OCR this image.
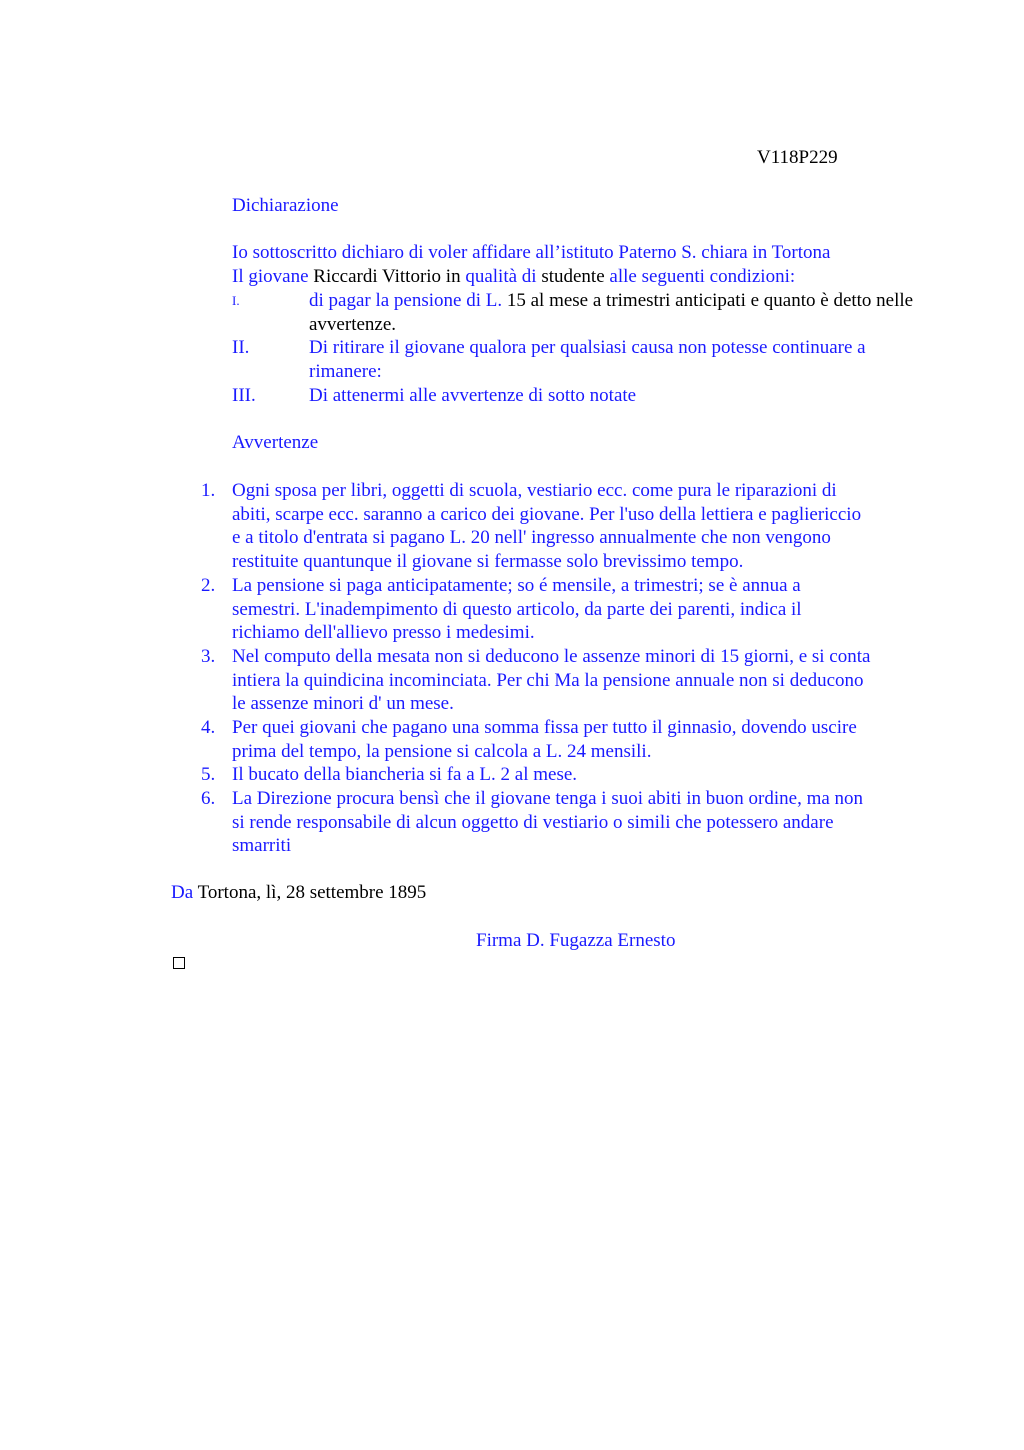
V118P229

Dichiarazione

Io sottoscritto dichiaro di voler affidare all’istituto Paterno S. chiara in Tortona

Il giovane Riccardi Vittorio in qualità di studente alle seguenti condizioni:

I.	di pagar la pensione di L. 15 al mese a trimestri anticipati e quanto è detto nelle avvertenze.
II.	Di ritirare il giovane qualora per qualsiasi causa non potesse continuare a rimanere:
III.	Di attenermi alle avvertenze di sotto notate

Avvertenze

1. Ogni sposa per libri, oggetti di scuola, vestiario ecc. come pura le riparazioni di
abiti, scarpe ecc. saranno a carico dei giovane. Per l'uso della lettiera e pagliericcio
e a titolo d'entrata si pagano L. 20 nell' ingresso annualmente che non vengono
restituite quantunque il giovane si fermasse solo brevissimo tempo.
2. La pensione si paga anticipatamente; so é mensile, a trimestri; se è annua a
semestri. L'inadempimento di questo articolo, da parte dei parenti, indica il
richiamo dell'allievo presso i medesimi.
3. Nel computo della mesata non si deducono le assenze minori di 15 giorni, e si conta
intiera la quindicina incominciata. Per chi Ma la pensione annuale non si deducono
le assenze minori d' un mese.
4. Per quei giovani che pagano una somma fissa per tutto il ginnasio, dovendo uscire
prima del tempo, la pensione si calcola a L. 24 mensili.
5. Il bucato della biancheria si fa a L. 2 al mese.
6. La Direzione procura bensì che il giovane tenga i suoi abiti in buon ordine, ma non
si rende responsabile di alcun oggetto di vestiario o simili che potessero andare
smarriti

Da Tortona, lì, 28 settembre 1895

Firma D. Fugazza Ernesto
